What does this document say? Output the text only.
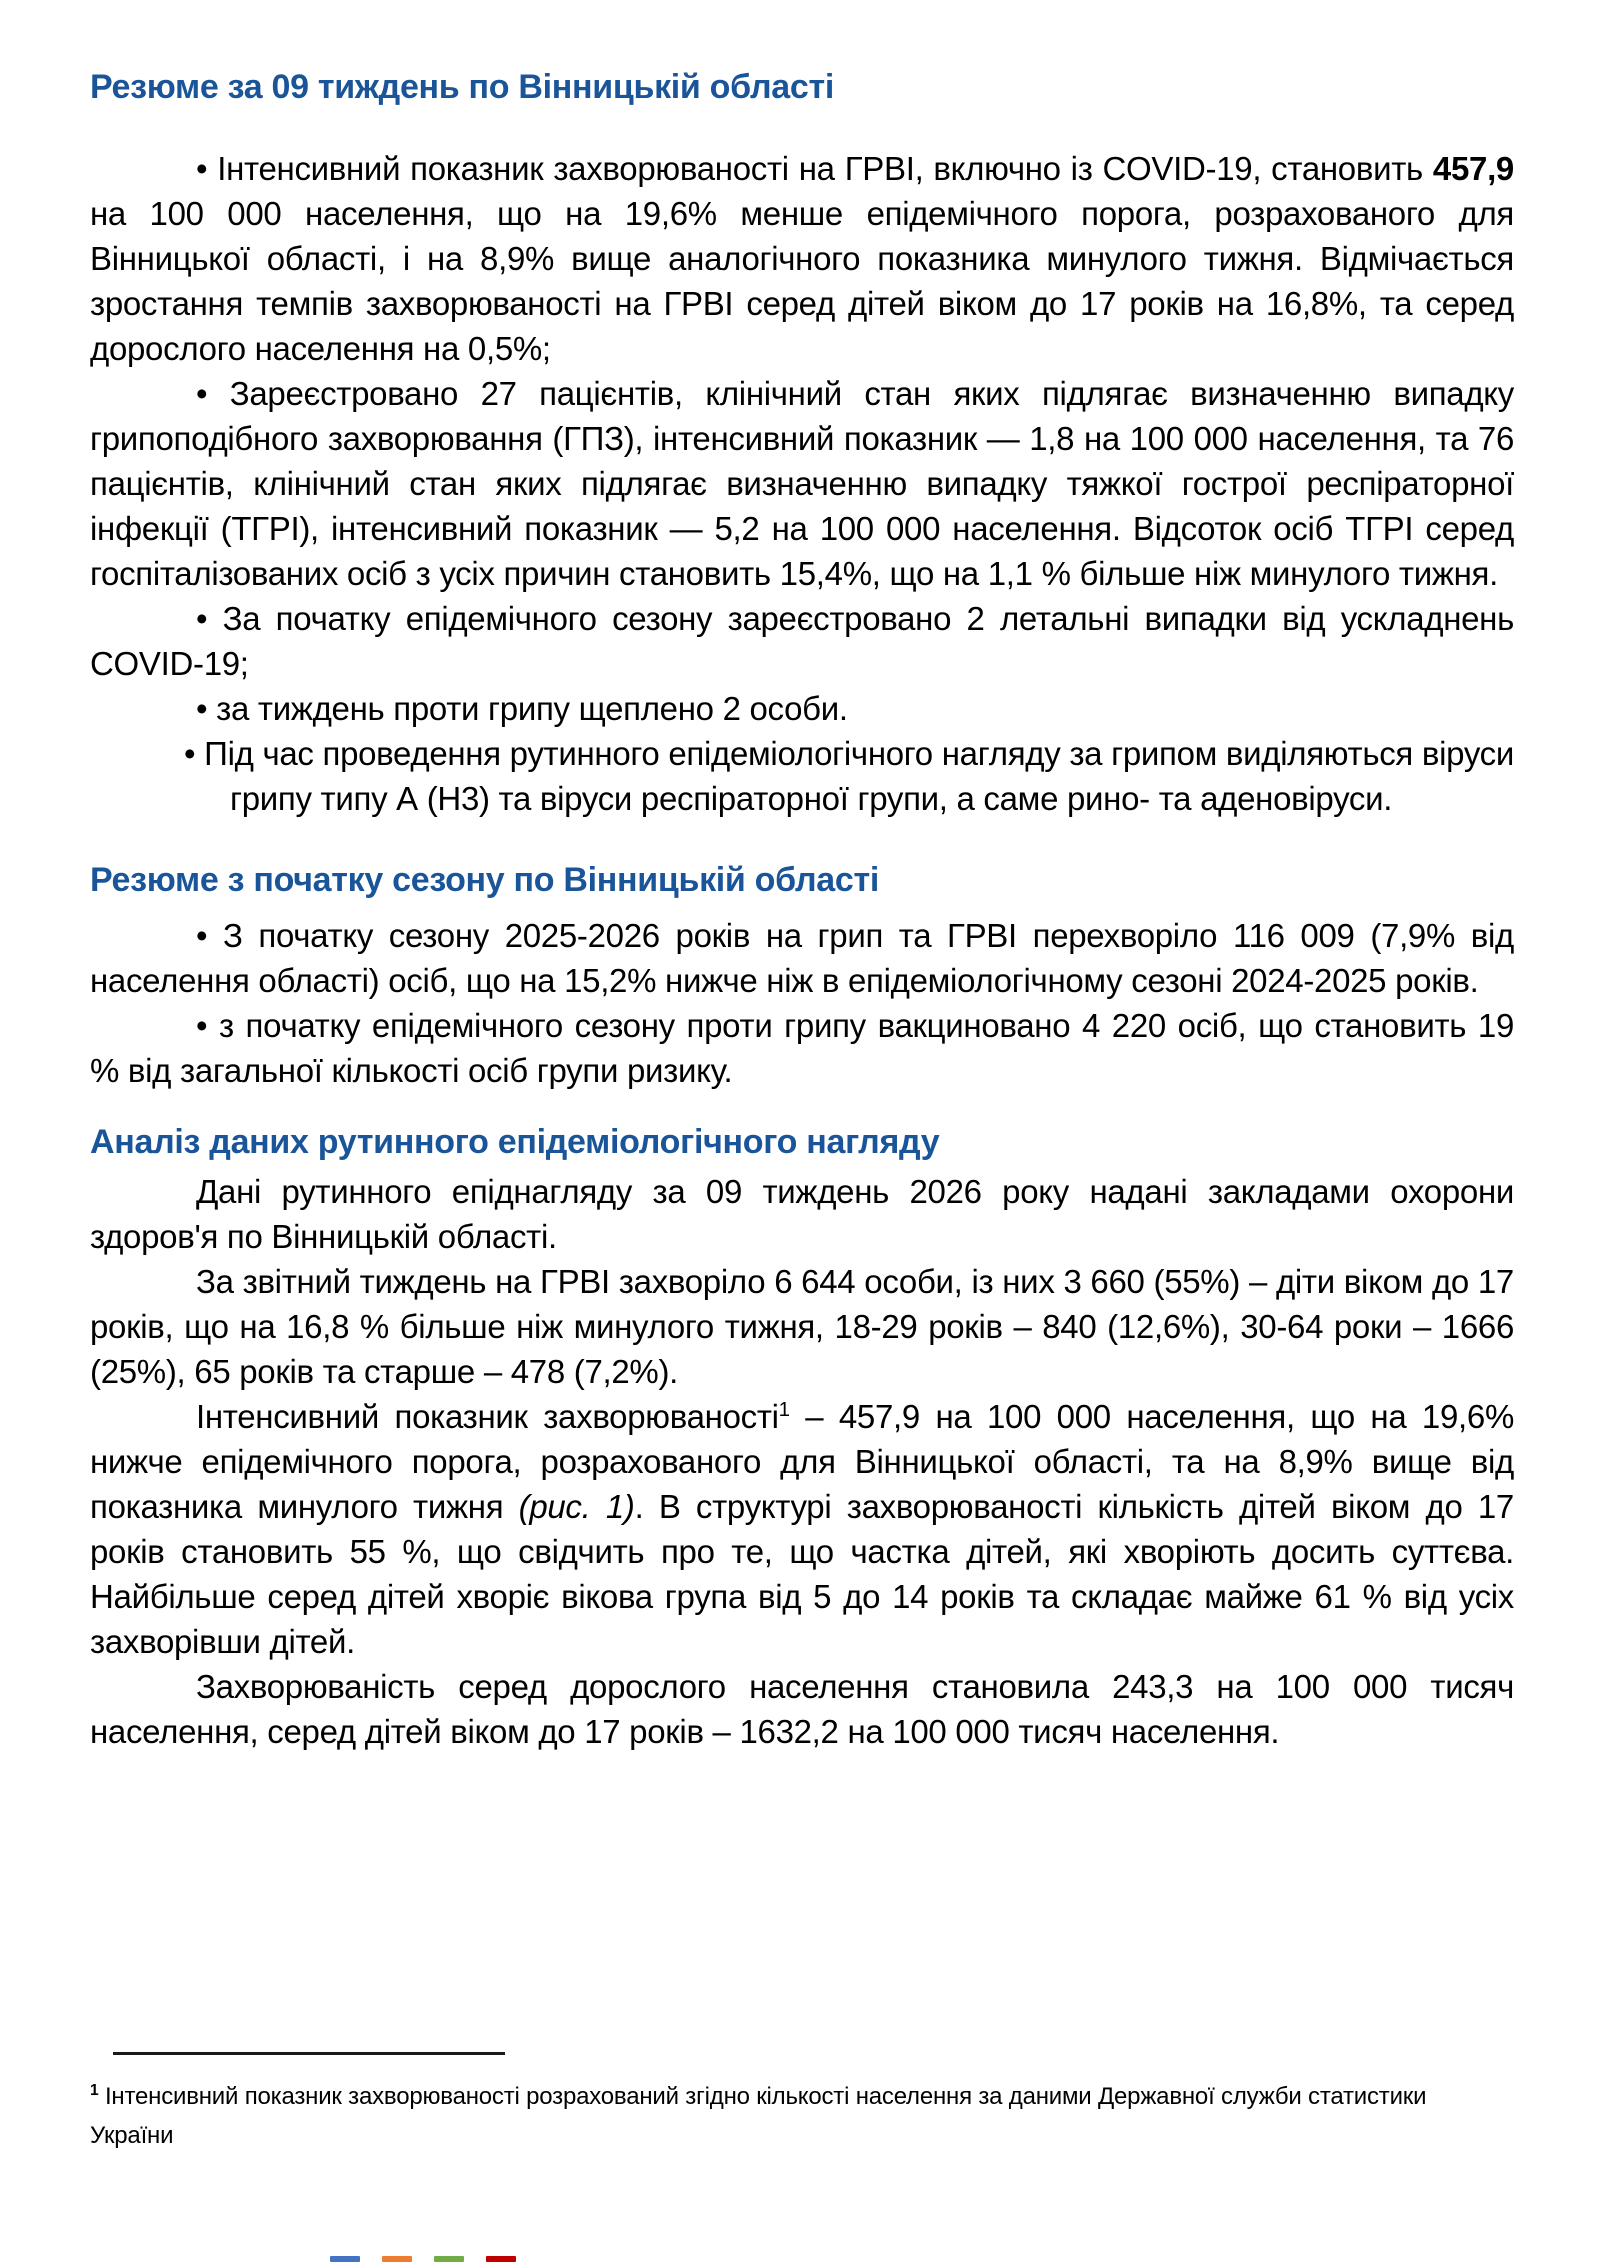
Резюме за 09 тиждень по Вінницькій області

• Інтенсивний показник захворюваності на ГРВІ, включно із COVID-19, становить 457,9 на 100 000 населення, що на 19,6% менше епідемічного порога, розрахованого для Вінницької області, і на 8,9% вище аналогічного показника минулого тижня. Відмічається зростання темпів захворюваності на ГРВІ серед дітей віком до 17 років на 16,8%, та серед дорослого населення на 0,5%;

• Зареєстровано 27 пацієнтів, клінічний стан яких підлягає визначенню випадку грипоподібного захворювання (ГПЗ), інтенсивний показник — 1,8 на 100 000 населення, та 76 пацієнтів, клінічний стан яких підлягає визначенню випадку тяжкої гострої респіраторної інфекції (ТГРІ), інтенсивний показник — 5,2 на 100 000 населення. Відсоток осіб ТГРІ серед госпіталізованих осіб з усіх причин становить 15,4%, що на 1,1 % більше ніж минулого тижня.

• За початку епідемічного сезону зареєстровано 2 летальні випадки від ускладнень COVID-19;

• за тиждень проти грипу щеплено 2 особи.

• Під час проведення рутинного епідеміологічного нагляду за грипом виділяються віруси грипу типу А (Н3) та віруси респіраторної групи, а саме рино- та аденовіруси.

Резюме з початку сезону по Вінницькій області

• З початку сезону 2025-2026 років на грип та ГРВІ перехворіло 116 009 (7,9% від населення області) осіб, що на 15,2% нижче ніж в епідеміологічному сезоні 2024-2025 років.

• з початку епідемічного сезону проти грипу вакциновано 4 220 осіб, що становить 19 % від загальної кількості осіб групи ризику.

Аналіз даних рутинного епідеміологічного нагляду

Дані рутинного епіднагляду за 09 тиждень 2026 року надані закладами охорони здоров'я по Вінницькій області.

За звітний тиждень на ГРВІ захворіло 6 644 особи, із них 3 660 (55%) – діти віком до 17 років, що на 16,8 % більше ніж минулого тижня, 18-29 років – 840 (12,6%), 30-64 роки – 1666 (25%), 65 років та старше – 478 (7,2%).

Інтенсивний показник захворюваності$^1$ – 457,9 на 100 000 населення, що на 19,6% нижче епідемічного порога, розрахованого для Вінницької області, та на 8,9% вище від показника минулого тижня (рис. 1). В структурі захворюваності кількість дітей віком до 17 років становить 55 %, що свідчить про те, що частка дітей, які хворіють досить суттєва. Найбільше серед дітей хворіє вікова група від 5 до 14 років та складає майже 61 % від усіх захворівши дітей.

Захворюваність серед дорослого населення становила 243,3 на 100 000 тисяч населення, серед дітей віком до 17 років – 1632,2 на 100 000 тисяч населення.

$^1$ Інтенсивний показник захворюваності розрахований згідно кількості населення за даними Державної служби статистики України
